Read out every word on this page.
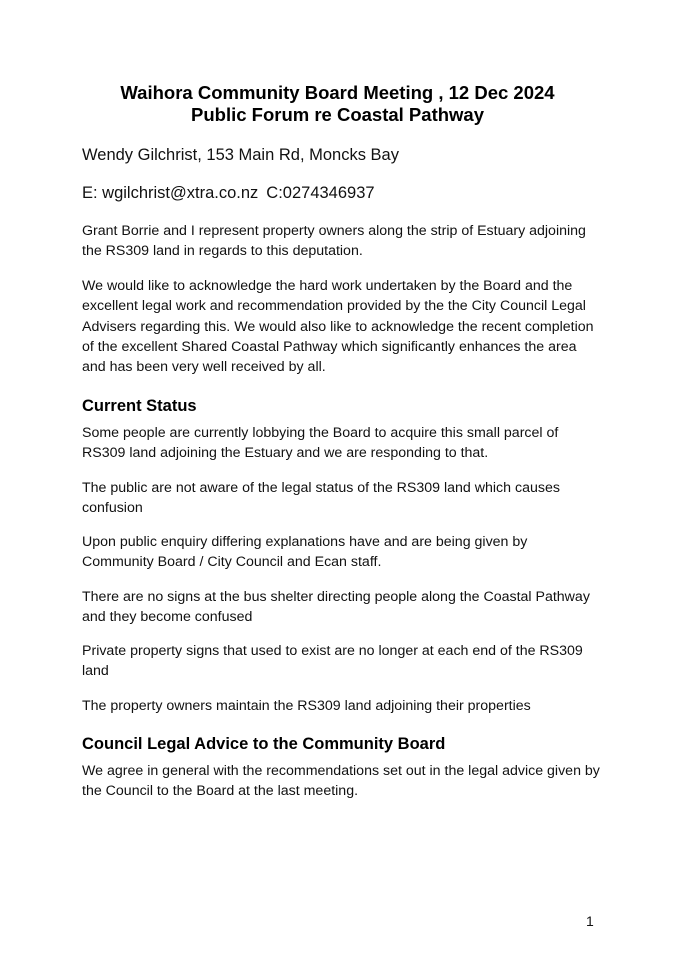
Waihora Community Board Meeting , 12 Dec 2024
Public Forum re Coastal Pathway
Wendy Gilchrist, 153 Main Rd, Moncks Bay
E: wgilchrist@xtra.co.nz C:0274346937

Grant Borrie and I represent property owners along the strip of Estuary adjoining the RS309 land in regards to this deputation.

We would like to acknowledge the hard work undertaken by the Board and the excellent legal work and recommendation provided by the the City Council Legal Advisers regarding this. We would also like to acknowledge the recent completion of the excellent Shared Coastal Pathway which significantly enhances the area and has been very well received by all.

Current Status

Some people are currently lobbying the Board to acquire this small parcel of RS309 land adjoining the Estuary and we are responding to that.

The public are not aware of the legal status of the RS309 land which causes confusion

Upon public enquiry differing explanations have and are being given by Community Board / City Council and Ecan staff.

There are no signs at the bus shelter directing people along the Coastal Pathway and they become confused

Private property signs that used to exist are no longer at each end of the RS309 land

The property owners maintain the RS309 land adjoining their properties

Council Legal Advice to the Community Board

We agree in general with the recommendations set out in the legal advice given by the Council to the Board at the last meeting.

1
